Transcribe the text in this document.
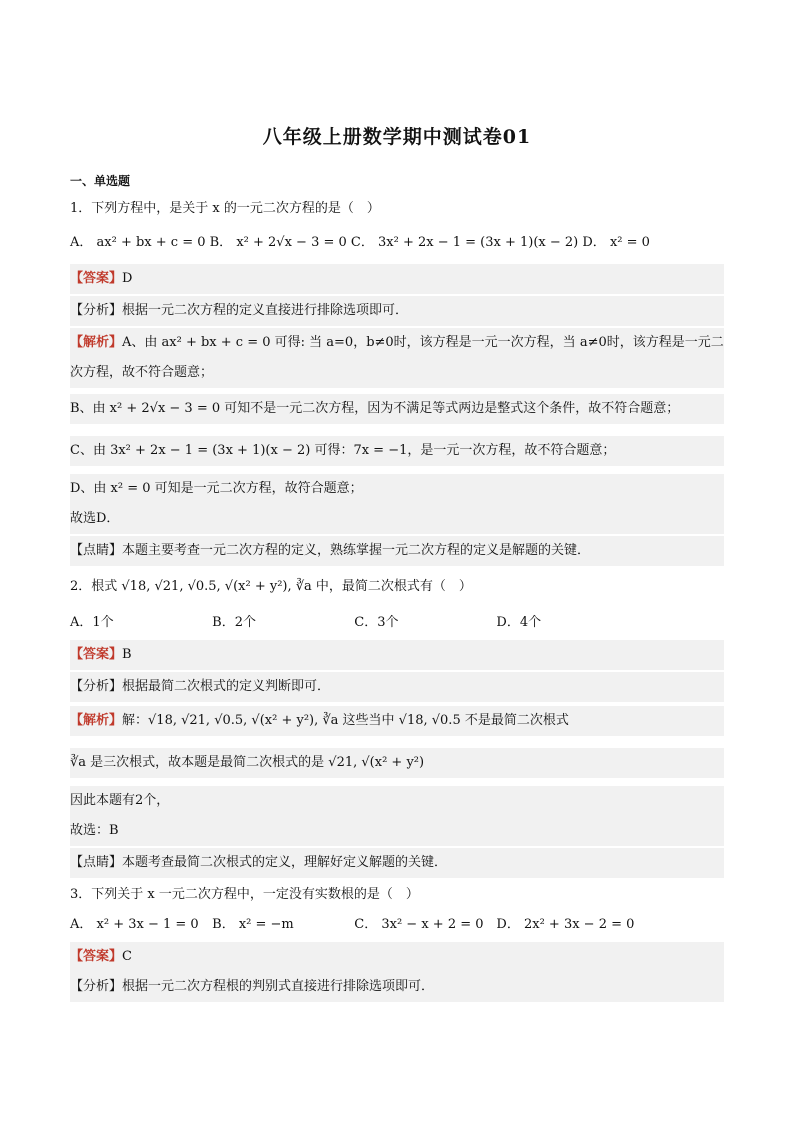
八年级上册数学期中测试卷01
一、单选题
1．下列方程中，是关于 x 的一元二次方程的是（　）
A． ax² + bx + c = 0 B． x² + 2√x − 3 = 0 C． 3x² + 2x − 1 = (3x + 1)(x − 2) D． x² = 0
【答案】D
【分析】根据一元二次方程的定义直接进行排除选项即可．
【解析】A、由 ax² + bx + c = 0 可得: 当 a=0，b≠0时，该方程是一元一次方程，当 a≠0时，该方程是一元二
次方程，故不符合题意；
B、由 x² + 2√x − 3 = 0 可知不是一元二次方程，因为不满足等式两边是整式这个条件，故不符合题意；
C、由 3x² + 2x − 1 = (3x + 1)(x − 2) 可得：7x = −1，是一元一次方程，故不符合题意；
D、由 x² = 0 可知是一元二次方程，故符合题意；
故选D．
【点睛】本题主要考查一元二次方程的定义，熟练掌握一元二次方程的定义是解题的关键．
2．根式 √18, √21, √0.5, √(x² + y²), ∛a 中，最简二次根式有（　）
A．1个	B．2个	C．3个	D．4个
【答案】B
【分析】根据最简二次根式的定义判断即可．
【解析】解：√18, √21, √0.5, √(x² + y²), ∛a 这些当中 √18, √0.5 不是最简二次根式
∛a 是三次根式，故本题是最简二次根式的是 √21, √(x² + y²)
因此本题有2个，
故选：B
【点睛】本题考查最简二次根式的定义，理解好定义解题的关键．
3．下列关于 x 一元二次方程中，一定没有实数根的是（　）
A． x² + 3x − 1 = 0 B． x² = −m	C． 3x² − x + 2 = 0 D． 2x² + 3x − 2 = 0
【答案】C
【分析】根据一元二次方程根的判别式直接进行排除选项即可．
